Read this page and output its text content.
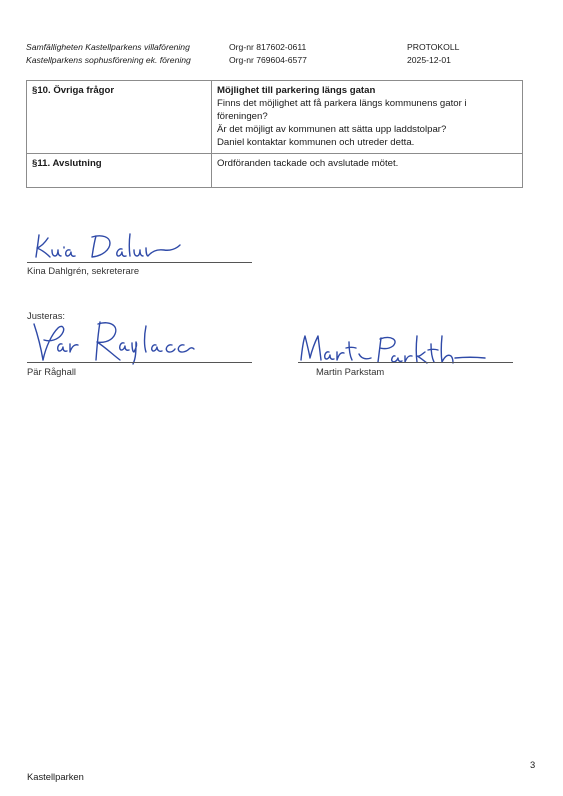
Samfälligheten Kastellparkens villaförening
Kastellparkens sophusförening ek. förening
Org-nr 817602-0611
Org-nr 769604-6577
PROTOKOLL
2025-12-01
§10. Övriga frågor	Möjlighet till parkering längs gatan
Finns det möjlighet att få parkera längs kommunens gator i
föreningen?
Är det möjligt av kommunen att sätta upp laddstolpar?
Daniel kontaktar kommunen och utreder detta.

§11. Avslutning	Ordföranden tackade och avslutade mötet.
Kina Dahlgrén, sekreterare
Justeras:
Pär Råghall	Martin Parkstam
3
Kastellparken
